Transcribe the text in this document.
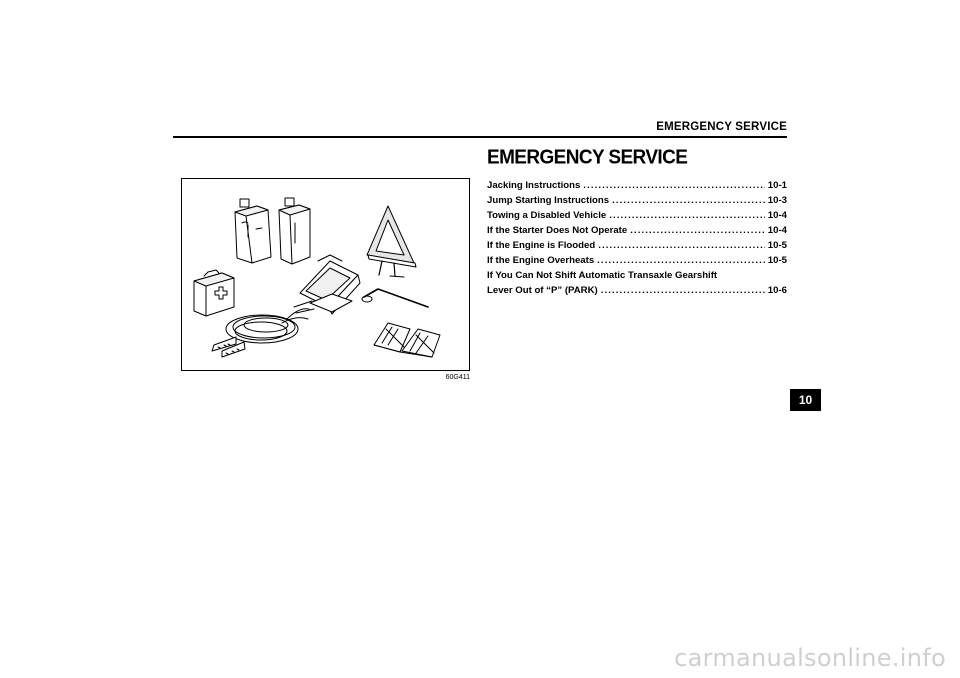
EMERGENCY SERVICE
60G411
EMERGENCY SERVICE
Jacking Instructions .....	10-1
Jump Starting Instructions .....	10-3
Towing a Disabled Vehicle .....	10-4
If the Starter Does Not Operate .....	10-4
If the Engine is Flooded .....	10-5
If the Engine Overheats .....	10-5
If You Can Not Shift Automatic Transaxle Gearshift
Lever Out of “P” (PARK) .....	10-6
10
carmanualsonline.info
